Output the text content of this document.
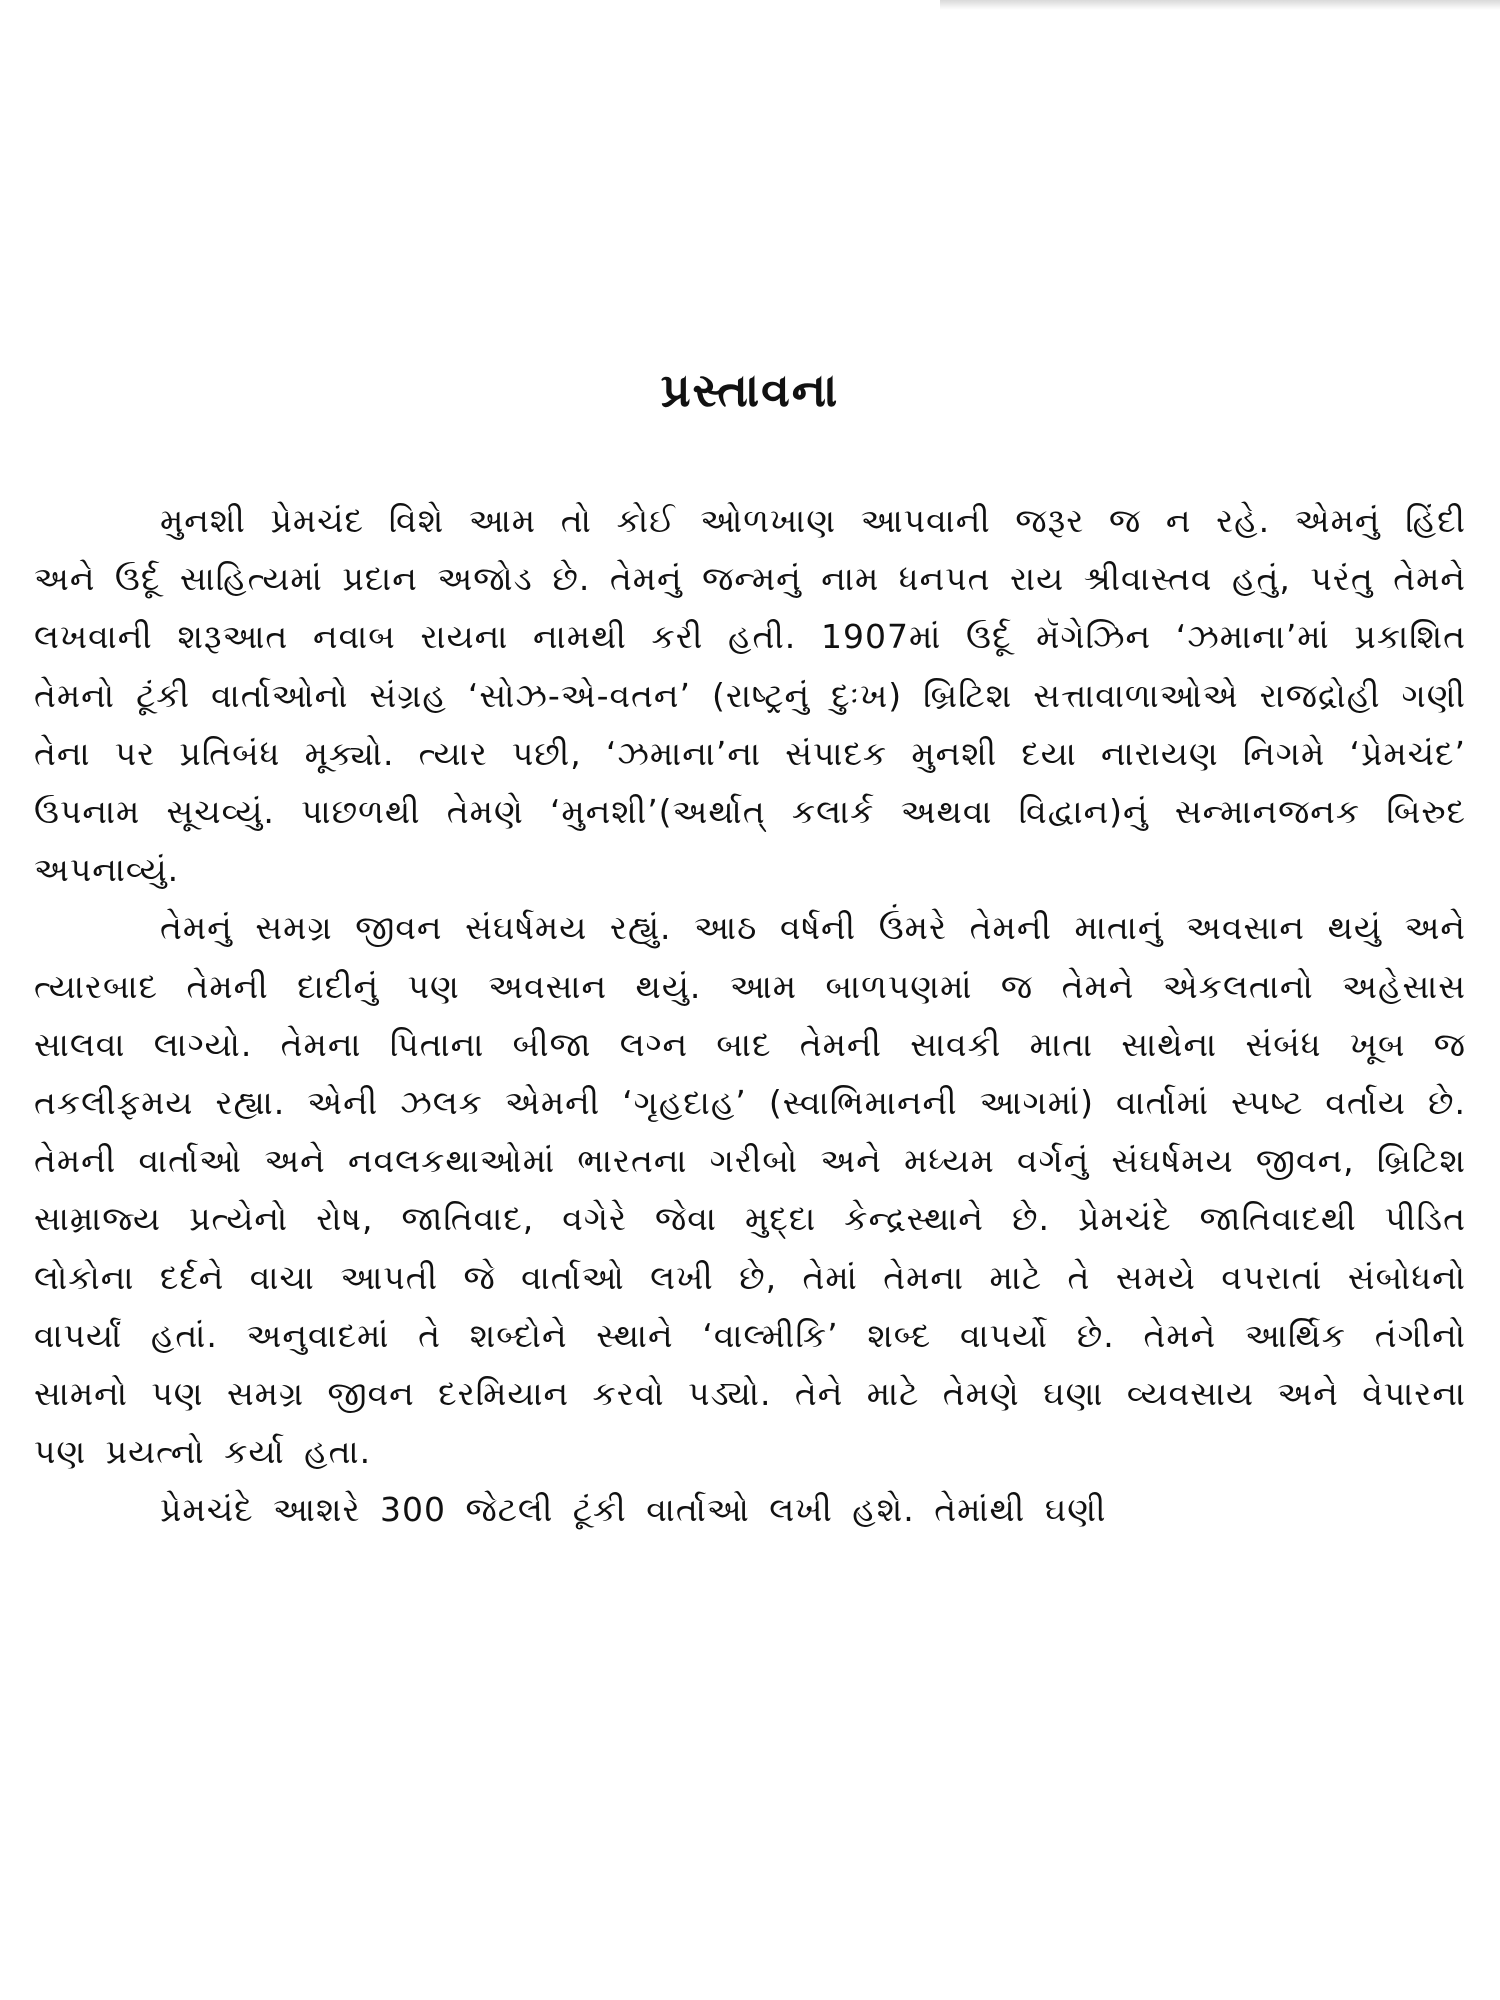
પ્રસ્તાવના

મુનશી પ્રેમચંદ વિશે આમ તો કોઈ ઓળખાણ આપવાની જરૂર જ ન રહે. એમનું હિંદી અને ઉર્દૂ સાહિત્યમાં પ્રદાન અજોડ છે. તેમનું જન્મનું નામ ધનપત રાય શ્રીવાસ્તવ હતું, પરંતુ તેમને લખવાની શરૂઆત નવાબ રાયના નામથી કરી હતી. 1907માં ઉર્દૂ મૅગેઝિન ‘ઝમાના’માં પ્રકાશિત તેમનો ટૂંકી વાર્તાઓનો સંગ્રહ ‘સોઝ-એ-વતન’ (રાષ્ટ્રનું દુઃખ) બ્રિટિશ સત્તાવાળાઓએ રાજદ્રોહી ગણી તેના પર પ્રતિબંધ મૂક્યો. ત્યાર પછી, ‘ઝમાના’ના સંપાદક મુનશી દયા નારાયણ નિગમે ‘પ્રેમચંદ’ ઉપનામ સૂચવ્યું. પાછળથી તેમણે ‘મુનશી’(અર્થાત્ કલાર્ક અથવા વિદ્વાન)નું સન્માનજનક બિરુદ અપનાવ્યું.

તેમનું સમગ્ર જીવન સંઘર્ષમય રહ્યું. આઠ વર્ષની ઉંમરે તેમની માતાનું અવસાન થયું અને ત્યારબાદ તેમની દાદીનું પણ અવસાન થયું. આમ બાળપણમાં જ તેમને એકલતાનો અહેસાસ સાલવા લાગ્યો. તેમના પિતાના બીજા લગ્ન બાદ તેમની સાવકી માતા સાથેના સંબંધ ખૂબ જ તકલીફમય રહ્યા. એની ઝલક એમની ‘ગૃહદાહ’ (સ્વાભિમાનની આગમાં) વાર્તામાં સ્પષ્ટ વર્તાય છે. તેમની વાર્તાઓ અને નવલકથાઓમાં ભારતના ગરીબો અને મધ્યમ વર્ગનું સંઘર્ષમય જીવન, બ્રિટિશ સામ્રાજ્ય પ્રત્યેનો રોષ, જાતિવાદ, વગેરે જેવા મુદ્દા કેન્દ્રસ્થાને છે. પ્રેમચંદે જાતિવાદથી પીડિત લોકોના દર્દને વાચા આપતી જે વાર્તાઓ લખી છે, તેમાં તેમના માટે તે સમયે વપરાતાં સંબોધનો વાપર્યાં હતાં. અનુવાદમાં તે શબ્દોને સ્થાને ‘વાલ્મીકિ’ શબ્દ વાપર્યો છે. તેમને આર્થિક તંગીનો સામનો પણ સમગ્ર જીવન દરમિયાન કરવો પડ્યો. તેને માટે તેમણે ઘણા વ્યવસાય અને વેપારના પણ પ્રયત્નો કર્યા હતા.

પ્રેમચંદે આશરે 300 જેટલી ટૂંકી વાર્તાઓ લખી હશે. તેમાંથી ઘણી
